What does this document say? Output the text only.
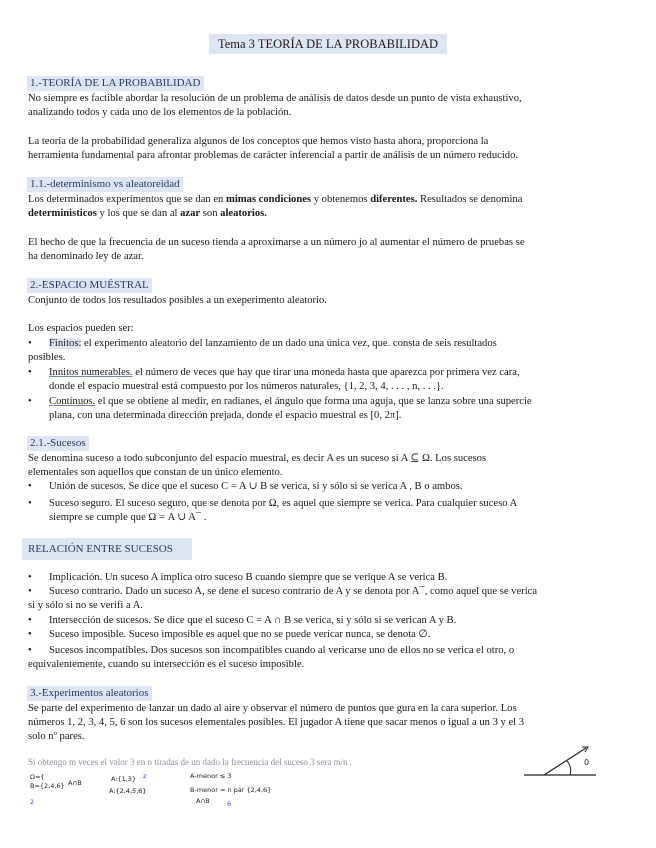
Tema 3 TEORÍA DE LA PROBABILIDAD
1.-TEORÍA DE LA PROBABILIDAD

No siempre es factible abordar la resolución de un problema de análisis de datos desde un punto de vista exhaustivo,

analizando todos y cada uno de los elementos de la población.

La teoría de la probabilidad generaliza algunos de los conceptos que hemos visto hasta ahora, proporciona la

herramienta fundamental para afrontar problemas de carácter inferencial a partir de análisis de un número reducido.

1.1.-determinismo vs aleatoreidad

Los determinados experimentos que se dan en mimas condiciones y obtenemos diferentes. Resultados se denomina

deterministicos y los que se dan al azar son aleatorios.

El hecho de que la frecuencia de un suceso tienda a aproximarse a un número jo al aumentar el número de pruebas se

ha denominado ley de azar.

2.-ESPACIO MUÉSTRAL

Conjunto de todos los resultados posibles a un exeperimento aleatorio.

Los espacios pueden ser:

• Finitos: el experimento aleatorio del lanzamiento de un dado una única vez, que. consta de seis resultados
posibles.
• Innitos numerables. el número de veces que hay que tirar una moneda hasta que aparezca por primera vez cara,
donde el espacio muestral está compuesto por los números naturales, {1, 2, 3, 4, . . . , n, . . .}.
• Contínuos. el que se obtiene al medir, en radianes, el ángulo que forma una aguja, que se lanza sobre una supercie
plana, con una determinada dirección prejada, donde el espacio muestral es [0, 2π].
2.1.-Sucesos

Se denomina suceso a todo subconjunto del espacio muestral, es decir A es un suceso si A ⊆ Ω. Los sucesos

elementales son aquellos que constan de un único elemento.

• Unión de sucesos. Se dice que el suceso C = A ∪ B se verica, si y sólo si se verica A , B o ambos.
• Suceso seguro. El suceso seguro, que se denota por Ω, es aquel que siempre se verica. Para cualquier suceso A
siempre se cumple que Ω = A ∪ A¯ .
RELACIÓN ENTRE SUCESOS
• Implicación. Un suceso A implica otro suceso B cuando siempre que se verique A se verica B.
• Suceso contrario. Dado un suceso A, se dene el suceso contrario de A y se denota por A¯, como aquel que se verica
si y sólo si no se verifi a A.
• Intersección de sucesos. Se dice que el suceso C = A ∩ B se verica, si y sólo si se verican A y B.
• Suceso imposible. Suceso imposible es aquel que no se puede vericar nunca, se denota ∅.
• Sucesos incompatibles. Dos sucesos son incompatibles cuando al vericarse uno de ellos no se verica el otro, o
equivalentemente, cuando su intersección es el suceso imposible.
3.-Experimentos aleatorios

Se parte del experimento de lanzar un dado al aire y observar el número de puntos que gura en la cara superior. Los

números 1, 2, 3, 4, 5, 6 son los sucesos elementales posibles. El jugador A tiene que sacar menos o igual a un 3 y el 3

solo nº pares.

Si obtengo m veces el valor 3 en n tiradas de un dado la frecuencia del suceso 3 sera m/n .
Ω={
B={2,4,6} A∩B
2
A:{1,3} z
A:{2,4,5,6}
A-menor ≤ 3
B-menor = n par {2,4,6}
A∩B	6
0
